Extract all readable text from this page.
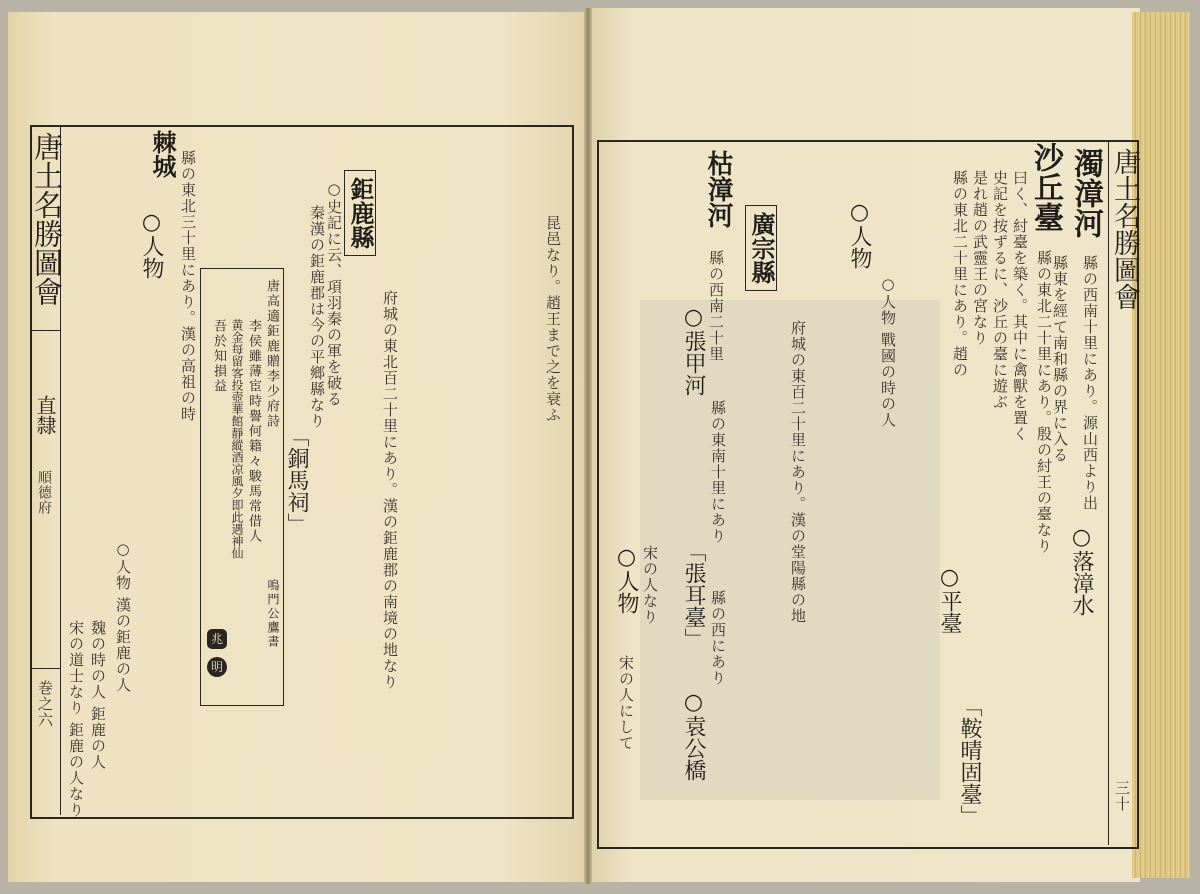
唐土名勝圖會
直隸
順德府
巻之六
棘城
○人物
「銅馬祠」
鉅鹿縣
昆邑なり。趙王まで之を衰ふ
府城の東北百二十里にあり。漢の鉅鹿郡の南境の地なり
縣の東北三十里にあり。漢の高祖の時
○人物 漢の鉅鹿の人
魏の時の人 鉅鹿の人
宋の道士なり 鉅鹿の人なり
秦漢の鉅鹿郡は今の平鄉縣なり ○史記に云、項羽秦の軍を破る
唐高適鉅鹿贈李少府詩
李侯雖薄宦時譽何籍々駿馬常借人
黄金每留客投壺華館靜縱酒凉風夕即此遇神仙
吾於知損益
鳴門公鷹書
兆
明
唐土名勝圖會
三十
濁漳河
沙丘臺
○落漳水
○平臺
「鞍晴固臺」
○人物
廣宗縣
枯漳河
○張甲河
「張耳臺」
○袁公橋
○人物
縣の西南十里にあり。源山西より出
縣東を經て南和縣の界に入る
縣の東北二十里にあり。殷の紂王の臺なり
曰く、紂臺を築く。其中に禽獸を置く
史記を按ずるに、沙丘の臺に遊ぶ
是れ趙の武靈王の宮なり
縣の東北二十里にあり。趙の
○人物 戰國の時の人
府城の東百二十里にあり。漢の堂陽縣の地
縣の西南二十里
縣の東南十里にあり
縣の西にあり
宋の人なり
宋の人にして
